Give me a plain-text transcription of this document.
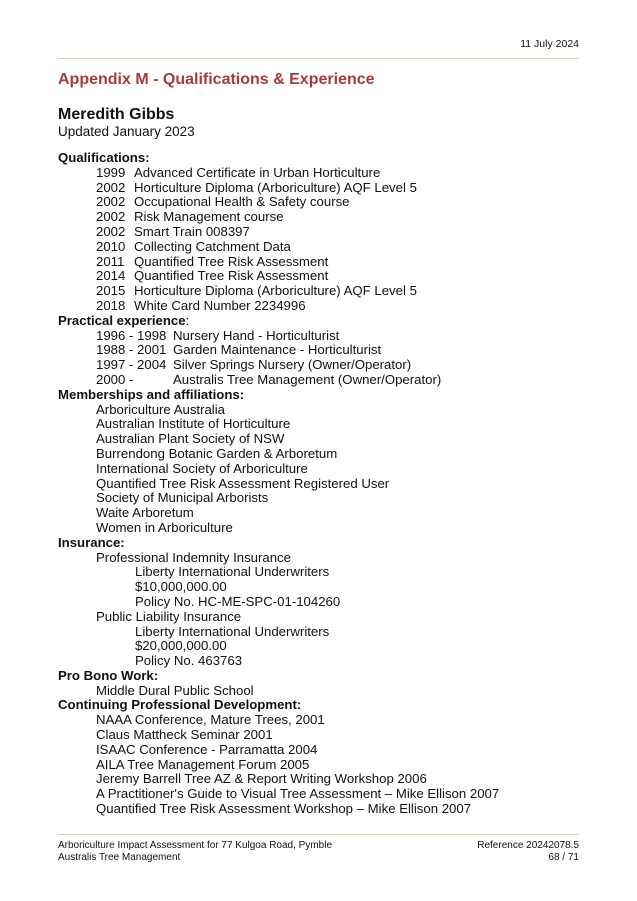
11 July 2024
Appendix M - Qualifications & Experience
Meredith Gibbs
Updated January 2023
Qualifications:
1999 Advanced Certificate in Urban Horticulture
2002 Horticulture Diploma (Arboriculture) AQF Level 5
2002 Occupational Health & Safety course
2002 Risk Management course
2002 Smart Train 008397
2010 Collecting Catchment Data
2011 Quantified Tree Risk Assessment
2014 Quantified Tree Risk Assessment
2015 Horticulture Diploma (Arboriculture) AQF Level 5
2018 White Card Number 2234996
Practical experience:
1996 - 1998 Nursery Hand - Horticulturist
1988 - 2001 Garden Maintenance - Horticulturist
1997 - 2004 Silver Springs Nursery (Owner/Operator)
2000 -	Australis Tree Management (Owner/Operator)
Memberships and affiliations:
Arboriculture Australia
Australian Institute of Horticulture
Australian Plant Society of NSW
Burrendong Botanic Garden & Arboretum
International Society of Arboriculture
Quantified Tree Risk Assessment Registered User
Society of Municipal Arborists
Waite Arboretum
Women in Arboriculture
Insurance:
Professional Indemnity Insurance
Liberty International Underwriters
$10,000,000.00
Policy No. HC-ME-SPC-01-104260
Public Liability Insurance
Liberty International Underwriters
$20,000,000.00
Policy No. 463763
Pro Bono Work:
Middle Dural Public School
Continuing Professional Development:
NAAA Conference, Mature Trees, 2001
Claus Mattheck Seminar 2001
ISAAC Conference - Parramatta 2004
AILA Tree Management Forum 2005
Jeremy Barrell Tree AZ & Report Writing Workshop 2006
A Practitioner's Guide to Visual Tree Assessment – Mike Ellison 2007
Quantified Tree Risk Assessment Workshop – Mike Ellison 2007
Arboriculture Impact Assessment for 77 Kulgoa Road, Pymble
Australis Tree Management
Reference 20242078.5
68 / 71
